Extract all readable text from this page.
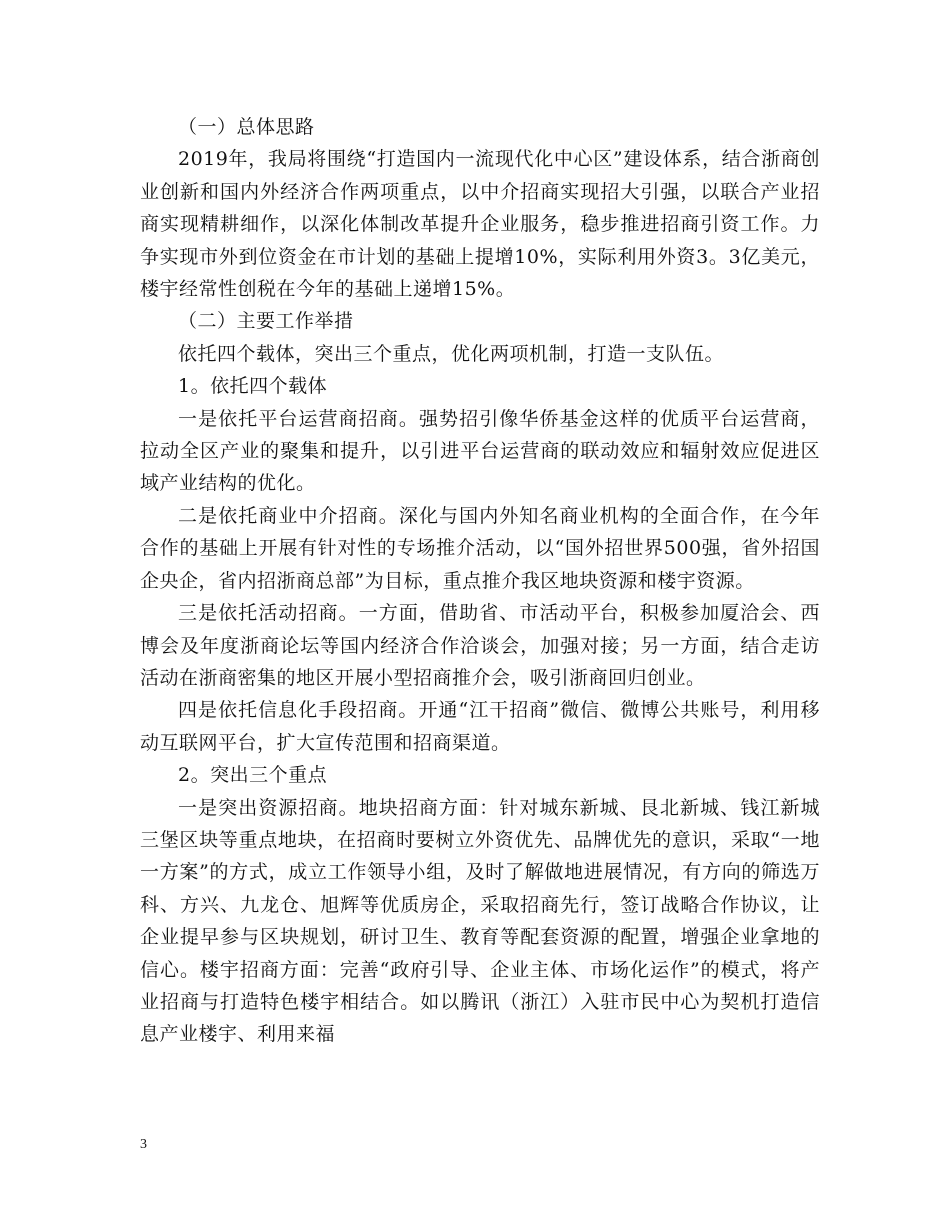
（一）总体思路

2019年，我局将围绕“打造国内一流现代化中心区”建设体系，结合浙商创业创新和国内外经济合作两项重点，以中介招商实现招大引强，以联合产业招商实现精耕细作，以深化体制改革提升企业服务，稳步推进招商引资工作。力争实现市外到位资金在市计划的基础上提增10%，实际利用外资3。3亿美元，楼宇经常性创税在今年的基础上递增15%。

（二）主要工作举措

依托四个载体，突出三个重点，优化两项机制，打造一支队伍。

1。依托四个载体

一是依托平台运营商招商。强势招引像华侨基金这样的优质平台运营商，拉动全区产业的聚集和提升，以引进平台运营商的联动效应和辐射效应促进区域产业结构的优化。

二是依托商业中介招商。深化与国内外知名商业机构的全面合作，在今年合作的基础上开展有针对性的专场推介活动，以“国外招世界500强，省外招国企央企，省内招浙商总部”为目标，重点推介我区地块资源和楼宇资源。

三是依托活动招商。一方面，借助省、市活动平台，积极参加厦洽会、西博会及年度浙商论坛等国内经济合作洽谈会，加强对接；另一方面，结合走访活动在浙商密集的地区开展小型招商推介会，吸引浙商回归创业。

四是依托信息化手段招商。开通“江干招商”微信、微博公共账号，利用移动互联网平台，扩大宣传范围和招商渠道。

2。突出三个重点

一是突出资源招商。地块招商方面：针对城东新城、艮北新城、钱江新城三堡区块等重点地块，在招商时要树立外资优先、品牌优先的意识，采取“一地一方案”的方式，成立工作领导小组，及时了解做地进展情况，有方向的筛选万科、方兴、九龙仓、旭辉等优质房企，采取招商先行，签订战略合作协议，让企业提早参与区块规划，研讨卫生、教育等配套资源的配置，增强企业拿地的信心。楼宇招商方面：完善“政府引导、企业主体、市场化运作”的模式，将产业招商与打造特色楼宇相结合。如以腾讯（浙江）入驻市民中心为契机打造信息产业楼宇、利用来福

3
